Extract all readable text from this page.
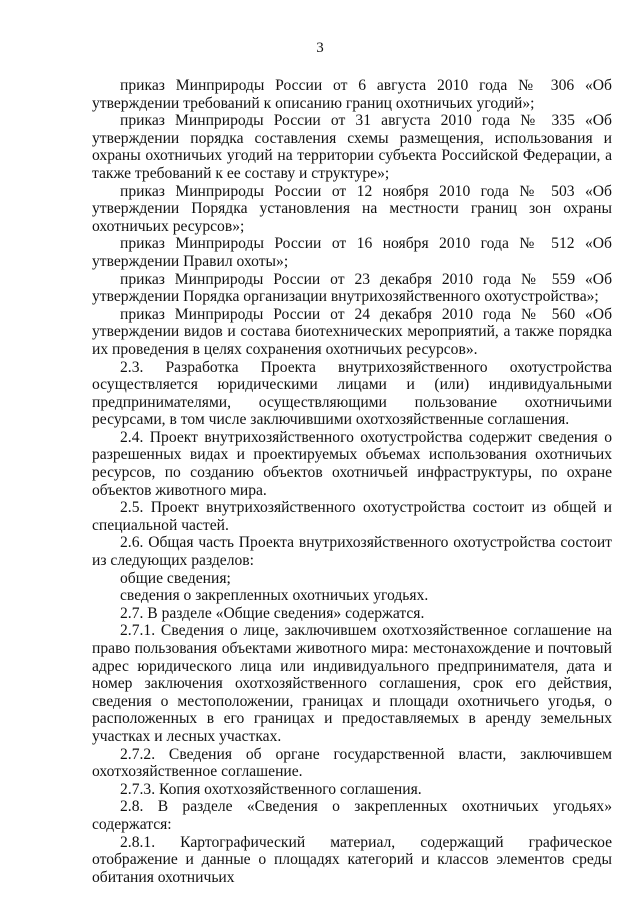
3

приказ Минприроды России от 6 августа 2010 года № 306 «Об утверждении требований к описанию границ охотничьих угодий»;

приказ Минприроды России от 31 августа 2010 года № 335 «Об утверждении порядка составления схемы размещения, использования и охраны охотничьих угодий на территории субъекта Российской Федерации, а также требований к ее составу и структуре»;

приказ Минприроды России от 12 ноября 2010 года № 503 «Об утверждении Порядка установления на местности границ зон охраны охотничьих ресурсов»;

приказ Минприроды России от 16 ноября 2010 года № 512 «Об утверждении Правил охоты»;

приказ Минприроды России от 23 декабря 2010 года № 559 «Об утверждении Порядка организации внутрихозяйственного охотустройства»;

приказ Минприроды России от 24 декабря 2010 года № 560 «Об утверждении видов и состава биотехнических мероприятий, а также порядка их проведения в целях сохранения охотничьих ресурсов».

2.3. Разработка Проекта внутрихозяйственного охотустройства осуществляется юридическими лицами и (или) индивидуальными предпринимателями, осуществляющими пользование охотничьими ресурсами, в том числе заключившими охотхозяйственные соглашения.

2.4. Проект внутрихозяйственного охотустройства содержит сведения о разрешенных видах и проектируемых объемах использования охотничьих ресурсов, по созданию объектов охотничьей инфраструктуры, по охране объектов животного мира.

2.5. Проект внутрихозяйственного охотустройства состоит из общей и специальной частей.

2.6. Общая часть Проекта внутрихозяйственного охотустройства состоит из следующих разделов:

общие сведения;

сведения о закрепленных охотничьих угодьях.

2.7. В разделе «Общие сведения» содержатся.

2.7.1. Сведения о лице, заключившем охотхозяйственное соглашение на право пользования объектами животного мира: местонахождение и почтовый адрес юридического лица или индивидуального предпринимателя, дата и номер заключения охотхозяйственного соглашения, срок его действия, сведения о местоположении, границах и площади охотничьего угодья, о расположенных в его границах и предоставляемых в аренду земельных участках и лесных участках.

2.7.2. Сведения об органе государственной власти, заключившем охотхозяйственное соглашение.

2.7.3. Копия охотхозяйственного соглашения.

2.8. В разделе «Сведения о закрепленных охотничьих угодьях» содержатся:

2.8.1. Картографический материал, содержащий графическое отображение и данные о площадях категорий и классов элементов среды обитания охотничьих
